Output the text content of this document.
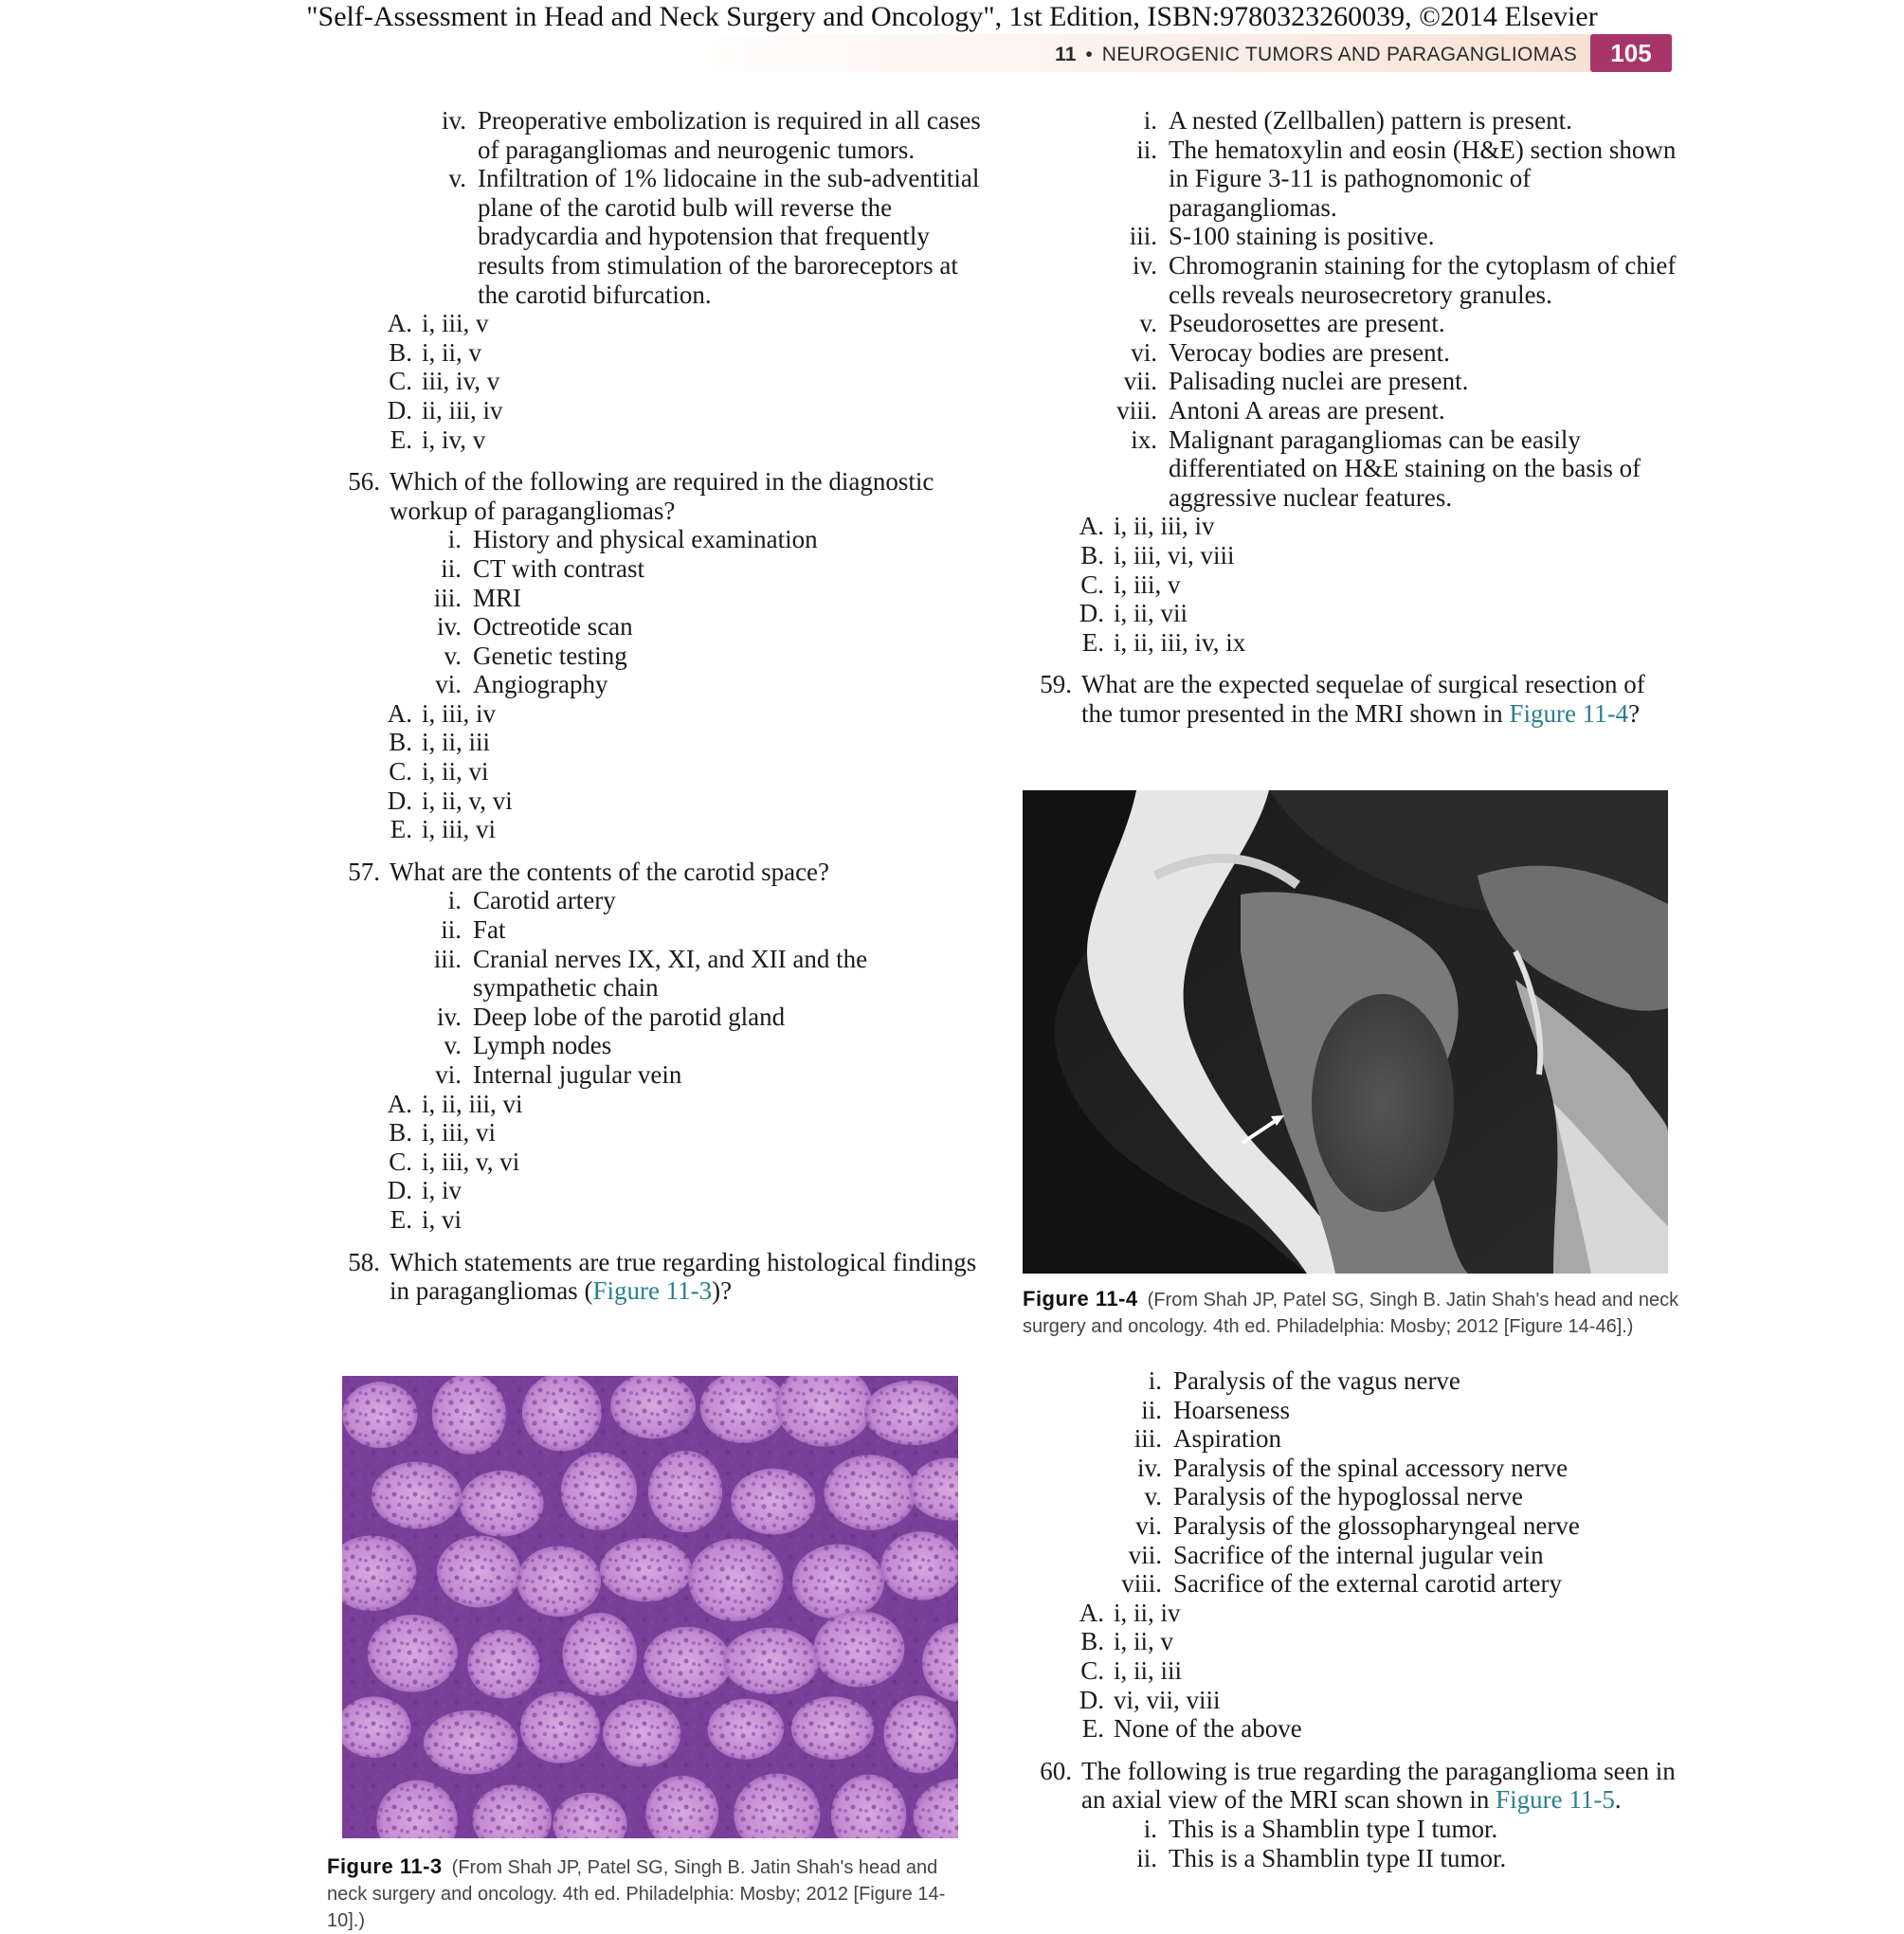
"Self-Assessment in Head and Neck Surgery and Oncology", 1st Edition, ISBN:9780323260039, ©2014 Elsevier
11 • NEUROGENIC TUMORS AND PARAGANGLIOMAS	105
iv. Preoperative embolization is required in all cases of paragangliomas and neurogenic tumors.
v. Infiltration of 1% lidocaine in the sub-adventitial plane of the carotid bulb will reverse the bradycardia and hypotension that frequently results from stimulation of the baroreceptors at the carotid bifurcation.
A. i, iii, v
B. i, ii, v
C. iii, iv, v
D. ii, iii, iv
E. i, iv, v
56. Which of the following are required in the diagnostic workup of paragangliomas?
i. History and physical examination
ii. CT with contrast
iii. MRI
iv. Octreotide scan
v. Genetic testing
vi. Angiography
A. i, iii, iv
B. i, ii, iii
C. i, ii, vi
D. i, ii, v, vi
E. i, iii, vi
57. What are the contents of the carotid space?
i. Carotid artery
ii. Fat
iii. Cranial nerves IX, XI, and XII and the sympathetic chain
iv. Deep lobe of the parotid gland
v. Lymph nodes
vi. Internal jugular vein
A. i, ii, iii, vi
B. i, iii, vi
C. i, iii, v, vi
D. i, iv
E. i, vi
58. Which statements are true regarding histological findings in paragangliomas (Figure 11-3)?
Figure 11-3 (From Shah JP, Patel SG, Singh B. Jatin Shah's head and neck surgery and oncology. 4th ed. Philadelphia: Mosby; 2012 [Figure 14-10].)
i. A nested (Zellballen) pattern is present.
ii. The hematoxylin and eosin (H&E) section shown in Figure 3-11 is pathognomonic of paragangliomas.
iii. S-100 staining is positive.
iv. Chromogranin staining for the cytoplasm of chief cells reveals neurosecretory granules.
v. Pseudorosettes are present.
vi. Verocay bodies are present.
vii. Palisading nuclei are present.
viii. Antoni A areas are present.
ix. Malignant paragangliomas can be easily differentiated on H&E staining on the basis of aggressive nuclear features.
A. i, ii, iii, iv
B. i, iii, vi, viii
C. i, iii, v
D. i, ii, vii
E. i, ii, iii, iv, ix
59. What are the expected sequelae of surgical resection of the tumor presented in the MRI shown in Figure 11-4?
Figure 11-4 (From Shah JP, Patel SG, Singh B. Jatin Shah's head and neck surgery and oncology. 4th ed. Philadelphia: Mosby; 2012 [Figure 14-46].)
i. Paralysis of the vagus nerve
ii. Hoarseness
iii. Aspiration
iv. Paralysis of the spinal accessory nerve
v. Paralysis of the hypoglossal nerve
vi. Paralysis of the glossopharyngeal nerve
vii. Sacrifice of the internal jugular vein
viii. Sacrifice of the external carotid artery
A. i, ii, iv
B. i, ii, v
C. i, ii, iii
D. vi, vii, viii
E. None of the above
60. The following is true regarding the paraganglioma seen in an axial view of the MRI scan shown in Figure 11-5.
i. This is a Shamblin type I tumor.
ii. This is a Shamblin type II tumor.
